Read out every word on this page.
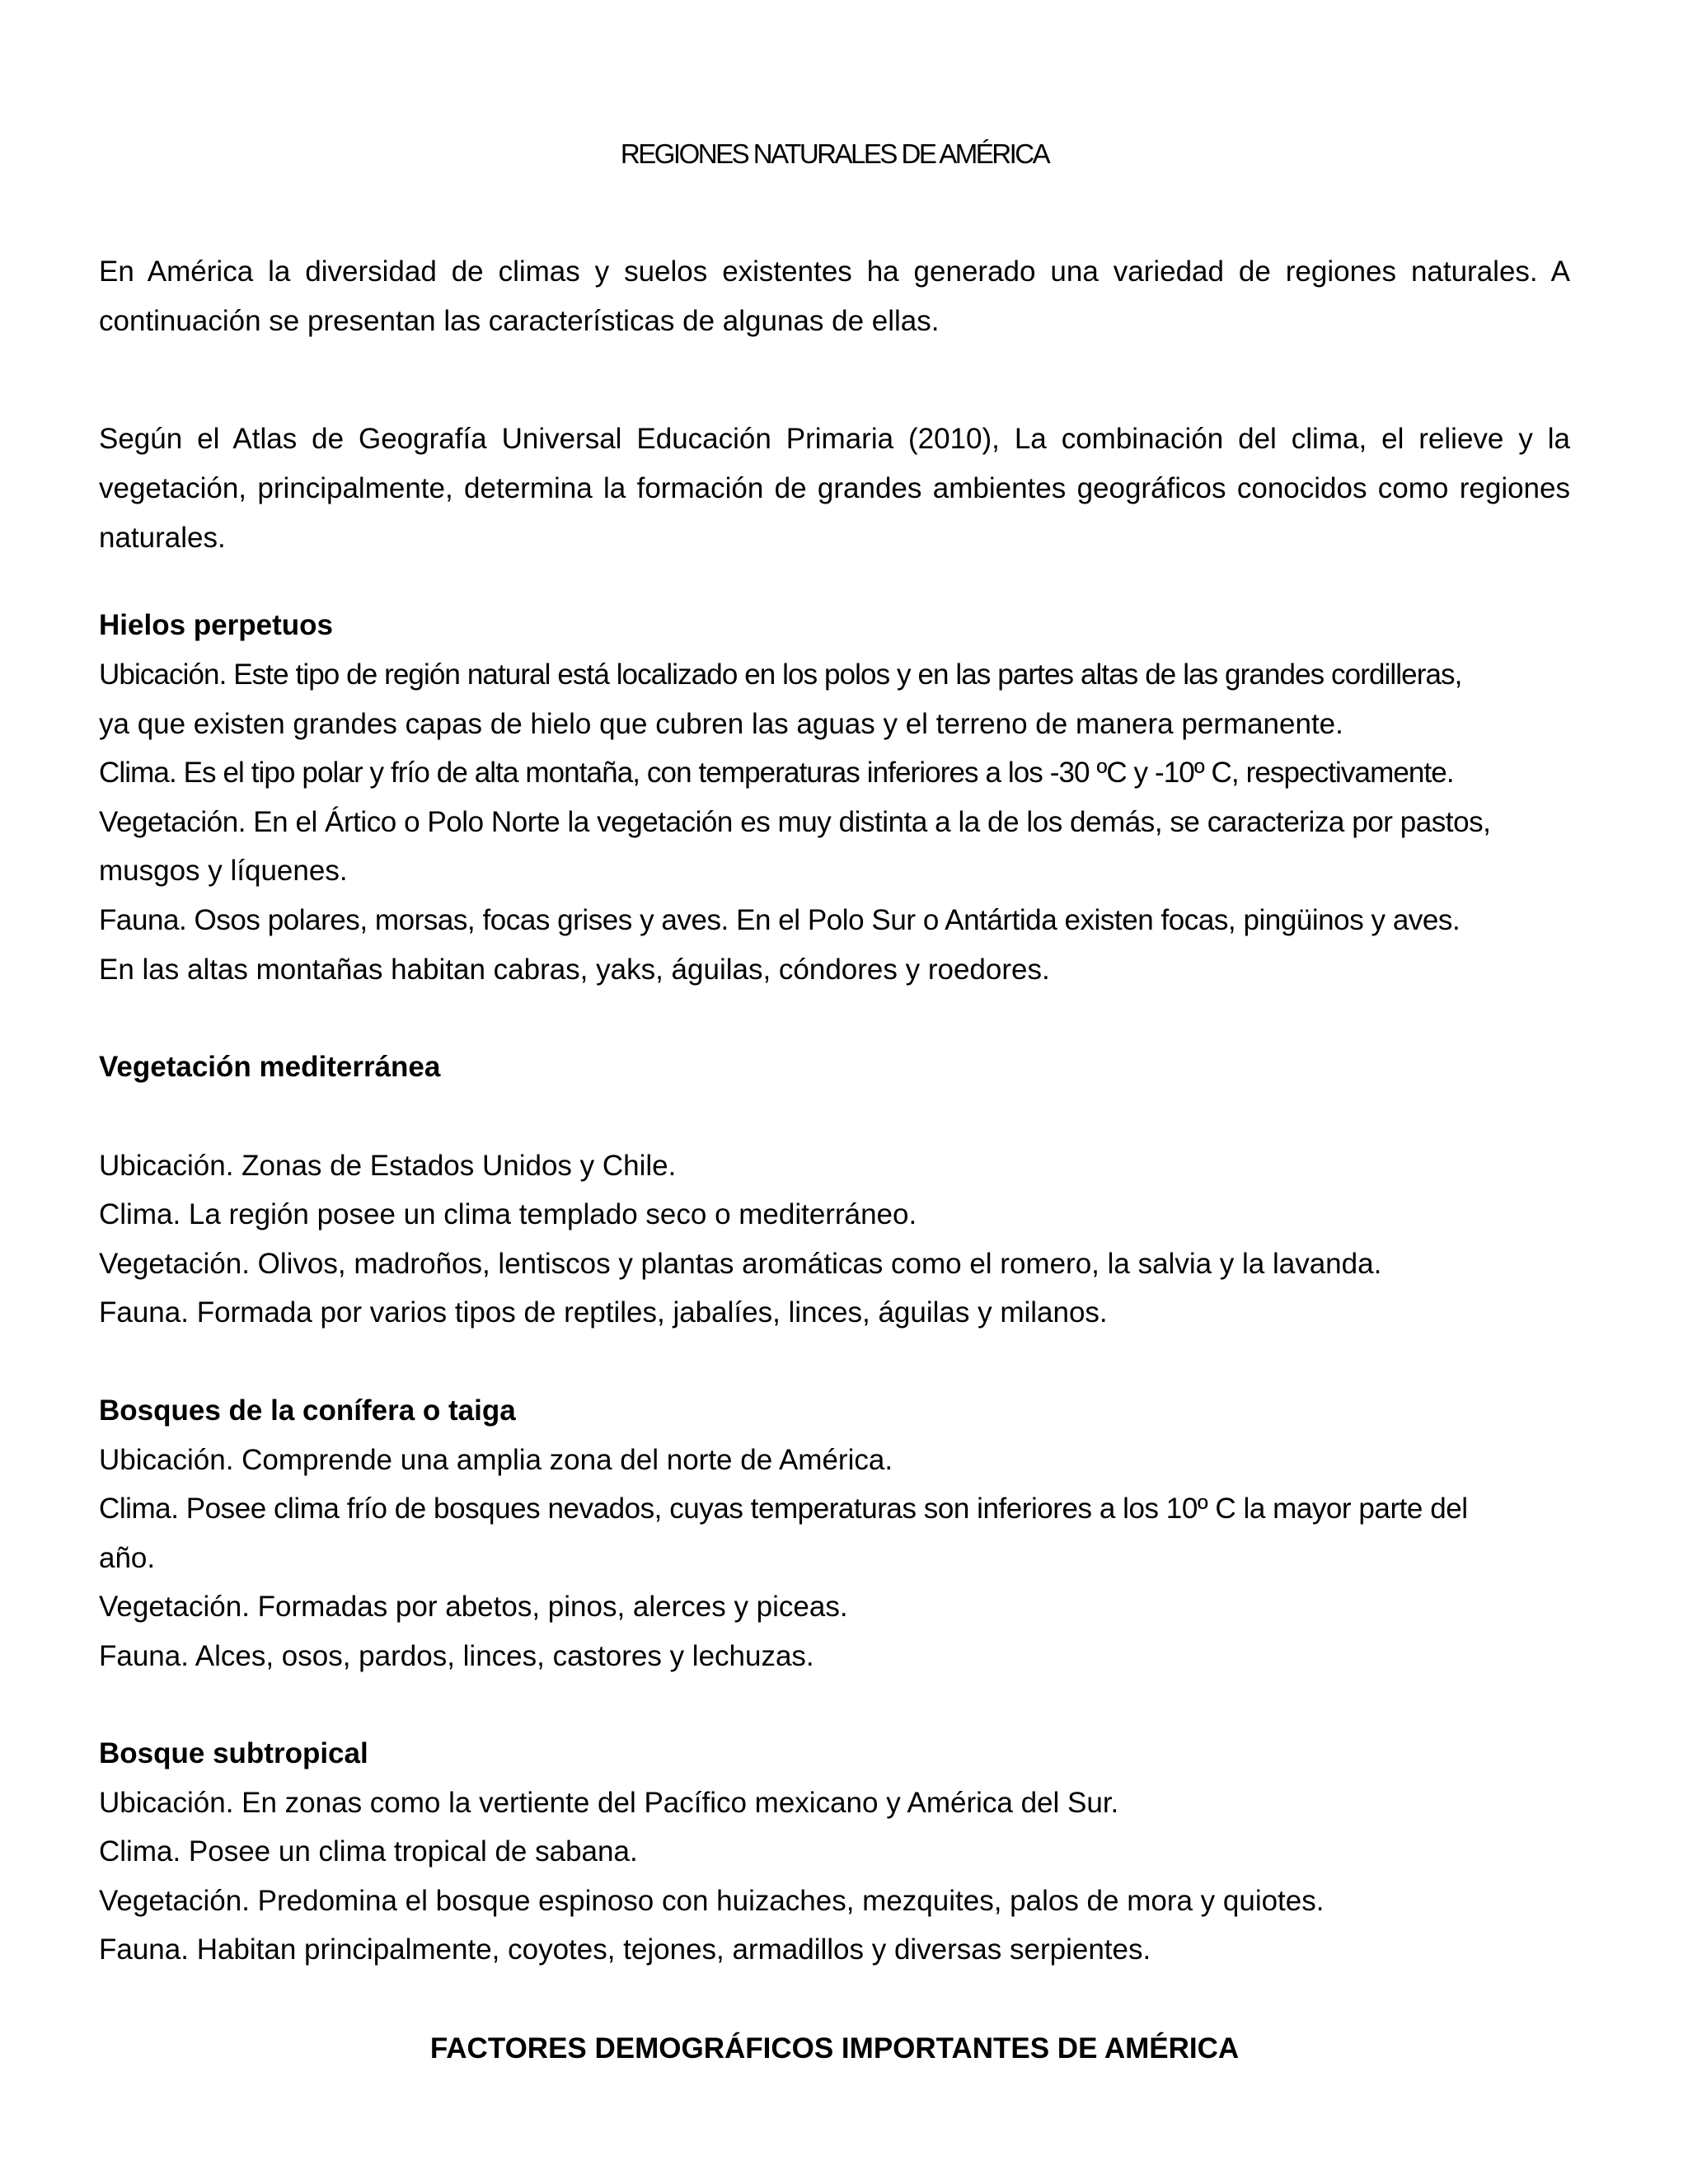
REGIONES NATURALES DE AMÉRICA

En América la diversidad de climas y suelos existentes ha generado una variedad de regiones naturales. A continuación se presentan las características de algunas de ellas.

Según el Atlas de Geografía Universal Educación Primaria (2010), La combinación del clima, el relieve y la vegetación, principalmente, determina la formación de grandes ambientes geográficos conocidos como regiones naturales.

Hielos perpetuos
Ubicación. Este tipo de región natural está localizado en los polos y en las partes altas de las grandes cordilleras,
ya que existen grandes capas de hielo que cubren las aguas y el terreno de manera permanente.
Clima. Es el tipo polar y frío de alta montaña, con temperaturas inferiores a los -30 ºC y -10º C, respectivamente.
Vegetación. En el Ártico o Polo Norte la vegetación es muy distinta a la de los demás, se caracteriza por pastos,
musgos y líquenes.
Fauna. Osos polares, morsas, focas grises y aves. En el Polo Sur o Antártida existen focas, pingüinos y aves.
En las altas montañas habitan cabras, yaks, águilas, cóndores y roedores.
Vegetación mediterránea
Ubicación. Zonas de Estados Unidos y Chile.
Clima. La región posee un clima templado seco o mediterráneo.
Vegetación. Olivos, madroños, lentiscos y plantas aromáticas como el romero, la salvia y la lavanda.
Fauna. Formada por varios tipos de reptiles, jabalíes, linces, águilas y milanos.
Bosques de la conífera o taiga
Ubicación. Comprende una amplia zona del norte de América.
Clima. Posee clima frío de bosques nevados, cuyas temperaturas son inferiores a los 10º C la mayor parte del
año.
Vegetación. Formadas por abetos, pinos, alerces y piceas.
Fauna. Alces, osos, pardos, linces, castores y lechuzas.
Bosque subtropical
Ubicación. En zonas como la vertiente del Pacífico mexicano y América del Sur.
Clima. Posee un clima tropical de sabana.
Vegetación. Predomina el bosque espinoso con huizaches, mezquites, palos de mora y quiotes.
Fauna. Habitan principalmente, coyotes, tejones, armadillos y diversas serpientes.
FACTORES DEMOGRÁFICOS IMPORTANTES DE AMÉRICA
